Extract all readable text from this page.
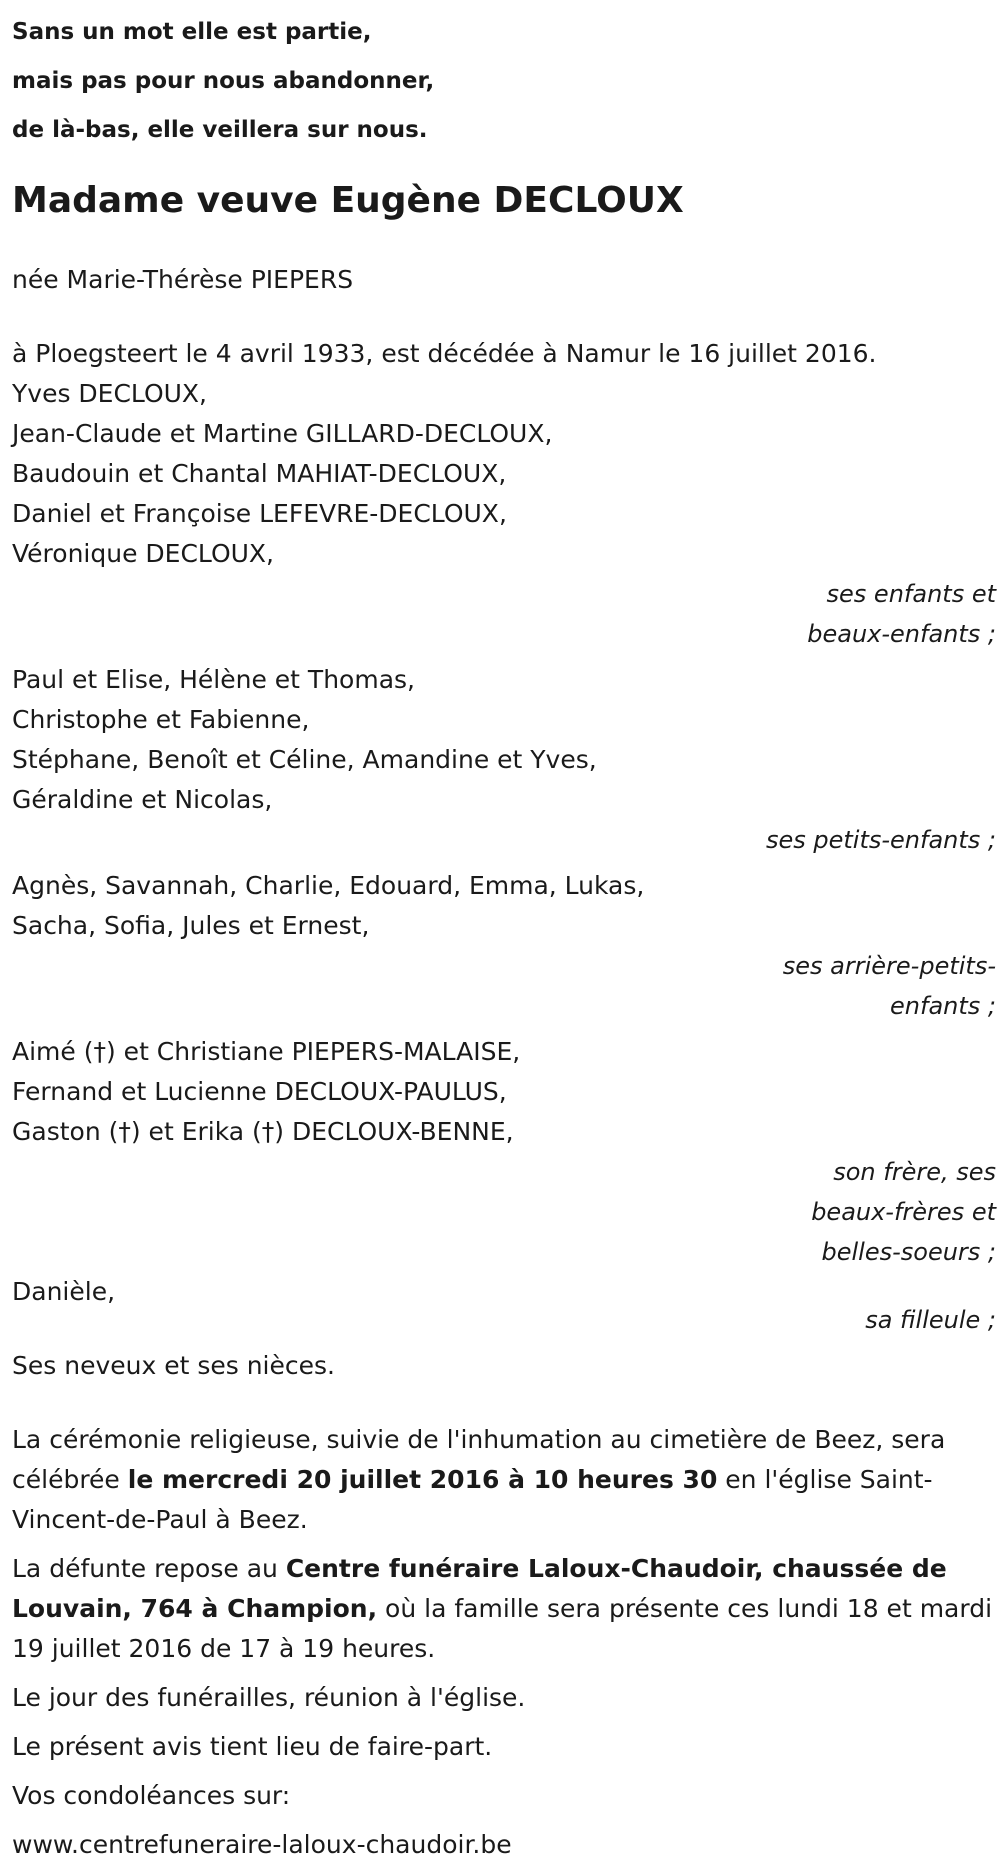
Sans un mot elle est partie,
mais pas pour nous abandonner,
de là-bas, elle veillera sur nous.
Madame veuve Eugène DECLOUX
née Marie-Thérèse PIEPERS
à Ploegsteert le 4 avril 1933, est décédée à Namur le 16 juillet 2016.
Yves DECLOUX,
Jean-Claude et Martine GILLARD-DECLOUX,
Baudouin et Chantal MAHIAT-DECLOUX,
Daniel et Françoise LEFEVRE-DECLOUX,
Véronique DECLOUX,
ses enfants et
beaux-enfants ;
Paul et Elise, Hélène et Thomas,
Christophe et Fabienne,
Stéphane, Benoît et Céline, Amandine et Yves,
Géraldine et Nicolas,
ses petits-enfants ;
Agnès, Savannah, Charlie, Edouard, Emma, Lukas,
Sacha, Sofia, Jules et Ernest,
ses arrière-petits-
enfants ;
Aimé (†) et Christiane PIEPERS-MALAISE,
Fernand et Lucienne DECLOUX-PAULUS,
Gaston (†) et Erika (†) DECLOUX-BENNE,
son frère, ses
beaux-frères et
belles-soeurs ;
Danièle,
sa filleule ;
Ses neveux et ses nièces.

La cérémonie religieuse, suivie de l'inhumation au cimetière de Beez, sera célébrée le mercredi 20 juillet 2016 à 10 heures 30 en l'église Saint-Vincent-de-Paul à Beez.

La défunte repose au Centre funéraire Laloux-Chaudoir, chaussée de Louvain, 764 à Champion, où la famille sera présente ces lundi 18 et mardi 19 juillet 2016 de 17 à 19 heures.

Le jour des funérailles, réunion à l'église.

Le présent avis tient lieu de faire-part.

Vos condoléances sur:

www.centrefuneraire-laloux-chaudoir.be
